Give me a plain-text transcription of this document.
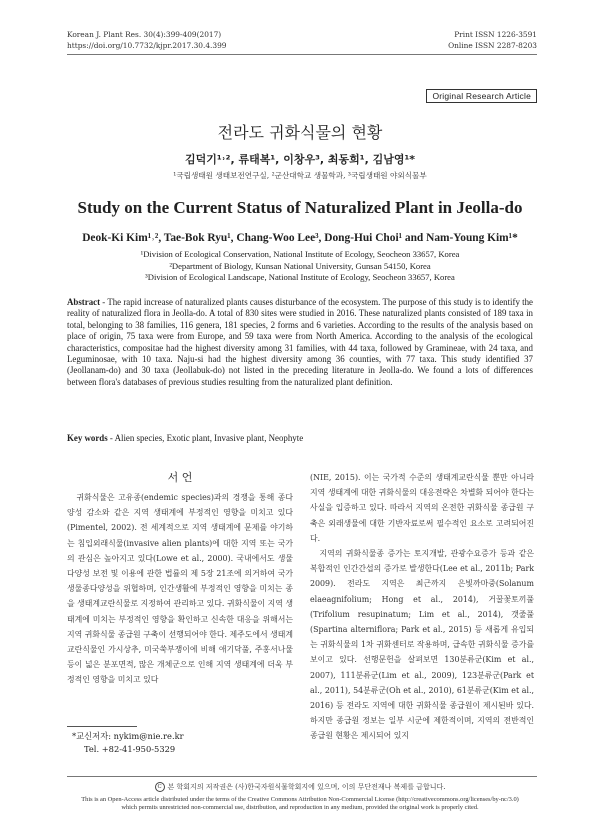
Korean J. Plant Res. 30(4):399-409(2017)
https://doi.org/10.7732/kjpr.2017.30.4.399
Print ISSN 1226-3591
Online ISSN 2287-8203
Original Research Article
전라도 귀화식물의 현황
김덕기¹˒², 류태복¹, 이창우³, 최동희¹, 김남영¹*
¹국립생태원 생태보전연구실, ²군산대학교 생물학과, ³국립생태원 야외식물부
Study on the Current Status of Naturalized Plant in Jeolla-do
Deok-Ki Kim¹˒², Tae-Bok Ryu¹, Chang-Woo Lee³, Dong-Hui Choi¹ and Nam-Young Kim¹*
¹Division of Ecological Conservation, National Institute of Ecology, Seocheon 33657, Korea
²Department of Biology, Kunsan National University, Gunsan 54150, Korea
³Division of Ecological Landscape, National Institute of Ecology, Seocheon 33657, Korea
Abstract - The rapid increase of naturalized plants causes disturbance of the ecosystem. The purpose of this study is to identify the reality of naturalized flora in Jeolla-do. A total of 830 sites were studied in 2016. These naturalized plants consisted of 189 taxa in total, belonging to 38 families, 116 genera, 181 species, 2 forms and 6 varieties. According to the results of the analysis based on place of origin, 75 taxa were from Europe, and 59 taxa were from North America. According to the analysis of the ecological characteristics, compositae had the highest diversity among 31 families, with 44 taxa, followed by Gramineae, with 24 taxa, and Leguminosae, with 10 taxa. Naju-si had the highest diversity among 36 counties, with 77 taxa. This study identified 37 (Jeollanam-do) and 30 taxa (Jeollabuk-do) not listed in the preceding literature in Jeolla-do. We found a lots of differences between flora's databases of previous studies resulting from the naturalized plant definition.
Key words - Alien species, Exotic plant, Invasive plant, Neophyte
서 언

귀화식물은 고유종(endemic species)과의 경쟁을 통해 종다양성 감소와 같은 지역 생태계에 부정적인 영향을 미치고 있다(Pimentel, 2002). 전 세계적으로 지역 생태계에 문제를 야기하는 침입외래식물(invasive alien plants)에 대한 지역 또는 국가의 관심은 높아지고 있다(Lowe et al., 2000). 국내에서도 생물다양성 보전 및 이용에 관한 법률의 제 5장 21조에 의거하여 국가 생물종다양성을 위협하며, 인간생활에 부정적인 영향을 미치는 종을 생태계교란식물로 지정하여 관리하고 있다. 귀화식물이 지역 생태계에 미치는 부정적인 영향을 확인하고 신속한 대응을 위해서는 지역 귀화식물 종급원 구축이 선행되어야 한다. 제주도에서 생태계 교란식물인 가시상추, 미국쑥부쟁이에 비해 애기닥풀, 주홍서나물 등이 넓은 분포면적, 많은 개체군으로 인해 지역 생태계에 더욱 부정적인 영향을 미치고 있다

(NIE, 2015). 이는 국가적 수준의 생태계교란식물 뿐만 아니라 지역 생태계에 대한 귀화식물의 대응전략은 차별화 되어야 한다는 사실을 입증하고 있다. 따라서 지역의 온전한 귀화식물 종급원 구축은 외래생물에 대한 기반자료로써 필수적인 요소로 고려되어진다.

지역의 귀화식물종 증가는 토지개발, 관광수요증가 등과 같은 복합적인 인간간섭의 증가로 발생한다(Lee et al., 2011b; Park 2009). 전라도 지역은 최근까지 은빛까마중(Solanum elaeagnifolium; Hong et al., 2014), 거꿀꽃토끼풀(Trifolium resupinatum; Lim et al., 2014), 갯줄풀(Spartina alterniflora; Park et al., 2015) 등 새롭게 유입되는 귀화식물의 1차 귀화센터로 작용하며, 급속한 귀화식물 증가를 보이고 있다. 선행문헌을 살펴보면 130분류군(Kim et al., 2007), 111분류군(Lim et al., 2009), 123분류군(Park et al., 2011), 54분류군(Oh et al., 2010), 61분류군(Kim et al., 2016) 등 전라도 지역에 대한 귀화식물 종급원이 제시된바 있다. 하지만 종급원 정보는 일부 시군에 제한적이며, 지역의 전반적인 종급원 현황은 제시되어 있지

*교신저자: nykim@nie.re.kr
Tel. +82-41-950-5329
C 본 학회지의 저작권은 (사)한국자원식물학회지에 있으며, 이의 무단전재나 복제를 금합니다.
This is an Open-Access article distributed under the terms of the Creative Commons Attribution Non-Commercial License (http://creativecommons.org/licenses/by-nc/3.0)
which permits unrestricted non-commercial use, distribution, and reproduction in any medium, provided the original work is properly cited.
